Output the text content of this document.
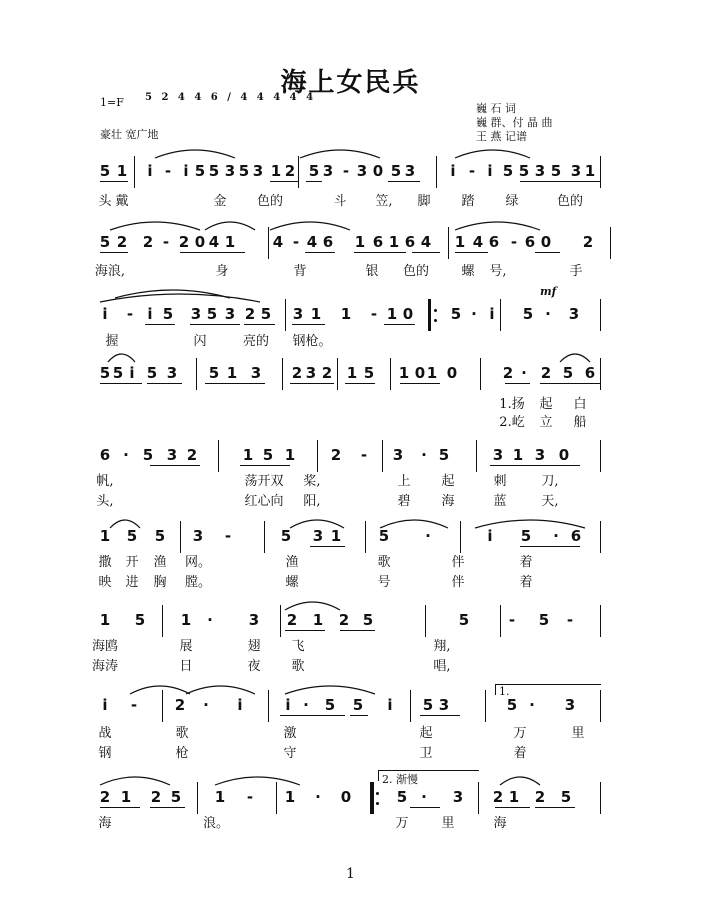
海上女民兵
1=F 5 2 4 4 6 / 4 4 4 4 4
豪壮 宽广地
巍 石 词
巍 群、付 晶 曲
王 燕 记谱
5 1 i - i 5 5 3 5 3 1 2 5 3 - 3 0 5 3 i - i 5 5 3 5 3 1
头 戴	金 色的	斗 笠, 脚 踏 绿	色的
5 2 2 - 2 0 4 1	4 - 4 6 1 6 1 6 4 1 4 6 - 6 0 2
海浪,	身	背	银 色的 螺 号,	手
i - i 5 3 5 3 2 5 3 1 1 - 1 0	5 · i 5 · 3
握	闪	亮的 钢枪。
mf
5 5 i 5 3 5 1 3 2 3 2 1 5 1 0 1 0	2 · 2 5 6
1.扬 起 白
2.屹 立 船
6 · 5 3 2	1 5 1 2 - 3 · 5	3 1 3 0
帆,	荡开双 桨,	上 起	刺	刀,
头,	红心向 阳,	碧 海	蓝	天,
1 5 5 3 -	5 3 1	5 ·	i 5 · 6
撒 开 渔 网。	渔	歌	伴	着
映 进 胸 膛。	螺	号	伴	着
1 5 1 · 3 2 1 2 5	5	- 5 -
海鸥	展	翅 飞	翔,
海涛	日	夜 歌	唱,
i -	2 · i	i · 5 5 i 5 3	5 · 3
战	歌	激	起	万	里
钢	枪	守	卫	着
1.
2 1 2 5 1 - 1 · 0	5 · 3 2 1 2 5
海	浪。	万	里	海
2. 渐慢
1
